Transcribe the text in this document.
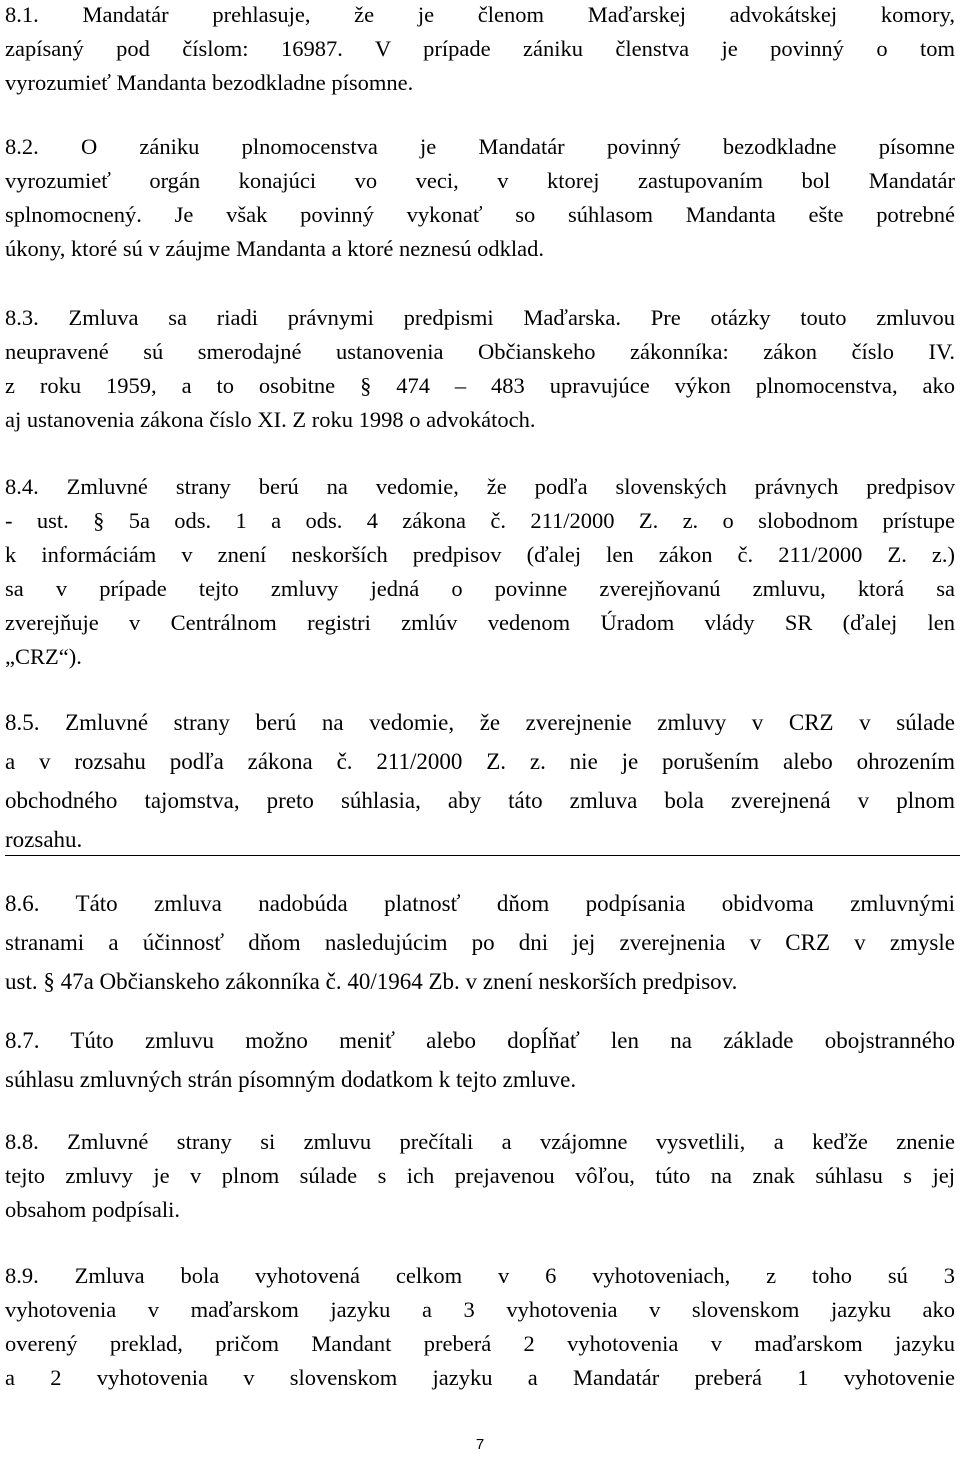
8.1. Mandatár prehlasuje, že je členom Maďarskej advokátskej komory,
zapísaný pod číslom: 16987. V prípade zániku členstva je povinný o tom
vyrozumieť Mandanta bezodkladne písomne.
8.2. O zániku plnomocenstva je Mandatár povinný bezodkladne písomne
vyrozumieť orgán konajúci vo veci, v ktorej zastupovaním bol Mandatár
splnomocnený. Je však povinný vykonať so súhlasom Mandanta ešte potrebné
úkony, ktoré sú v záujme Mandanta a ktoré neznesú odklad.
8.3. Zmluva sa riadi právnymi predpismi Maďarska. Pre otázky touto zmluvou
neupravené sú smerodajné ustanovenia Občianskeho zákonníka: zákon číslo IV.
z roku 1959, a to osobitne § 474 – 483 upravujúce výkon plnomocenstva, ako
aj ustanovenia zákona číslo XI. Z roku 1998 o advokátoch.
8.4. Zmluvné strany berú na vedomie, že podľa slovenských právnych predpisov
- ust. § 5a ods. 1 a ods. 4 zákona č. 211/2000 Z. z. o slobodnom prístupe
k informáciám v znení neskorších predpisov (ďalej len zákon č. 211/2000 Z. z.)
sa v prípade tejto zmluvy jedná o povinne zverejňovanú zmluvu, ktorá sa
zverejňuje v Centrálnom registri zmlúv vedenom Úradom vlády SR (ďalej len
„CRZ“).
8.5. Zmluvné strany berú na vedomie, že zverejnenie zmluvy v CRZ v súlade
a v rozsahu podľa zákona č. 211/2000 Z. z. nie je porušením alebo ohrozením
obchodného tajomstva, preto súhlasia, aby táto zmluva bola zverejnená v plnom
rozsahu.
8.6. Táto zmluva nadobúda platnosť dňom podpísania obidvoma zmluvnými
stranami a účinnosť dňom nasledujúcim po dni jej zverejnenia v CRZ v zmysle
ust. § 47a Občianskeho zákonníka č. 40/1964 Zb. v znení neskorších predpisov.
8.7. Túto zmluvu možno meniť alebo dopĺňať len na základe obojstranného
súhlasu zmluvných strán písomným dodatkom k tejto zmluve.
8.8. Zmluvné strany si zmluvu prečítali a vzájomne vysvetlili, a keďže znenie
tejto zmluvy je v plnom súlade s ich prejavenou vôľou, túto na znak súhlasu s jej
obsahom podpísali.
8.9. Zmluva bola vyhotovená celkom v 6 vyhotoveniach, z toho sú 3
vyhotovenia v maďarskom jazyku a 3 vyhotovenia v slovenskom jazyku ako
overený preklad, pričom Mandant preberá 2 vyhotovenia v maďarskom jazyku
a 2 vyhotovenia v slovenskom jazyku a Mandatár preberá 1 vyhotovenie
7
